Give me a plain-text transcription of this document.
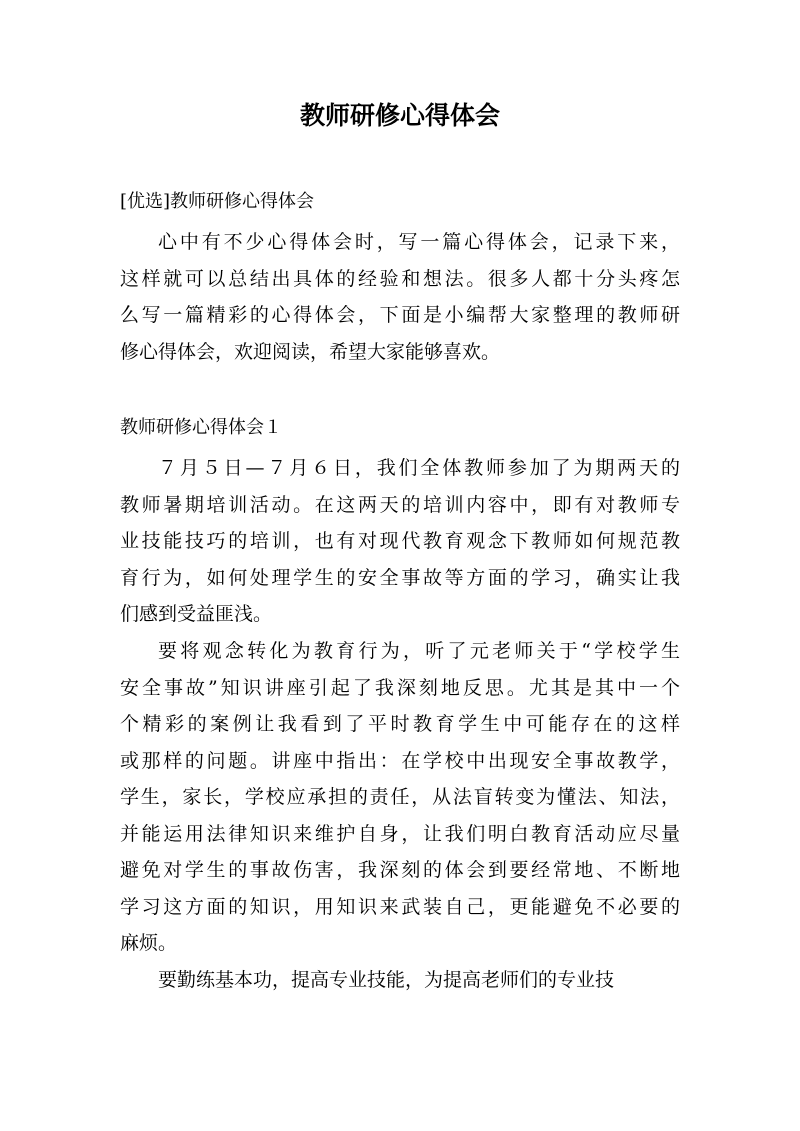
教师研修心得体会
[优选]教师研修心得体会
心中有不少心得体会时，写一篇心得体会，记录下来，
这样就可以总结出具体的经验和想法。很多人都十分头疼怎
么写一篇精彩的心得体会，下面是小编帮大家整理的教师研
修心得体会，欢迎阅读，希望大家能够喜欢。
教师研修心得体会１
７月５日—７月６日，我们全体教师参加了为期两天的
教师暑期培训活动。在这两天的培训内容中，即有对教师专
业技能技巧的培训，也有对现代教育观念下教师如何规范教
育行为，如何处理学生的安全事故等方面的学习，确实让我
们感到受益匪浅。
要将观念转化为教育行为，听了元老师关于“学校学生
安全事故”知识讲座引起了我深刻地反思。尤其是其中一个
个精彩的案例让我看到了平时教育学生中可能存在的这样
或那样的问题。讲座中指出：在学校中出现安全事故教学，
学生，家长，学校应承担的责任，从法盲转变为懂法、知法，
并能运用法律知识来维护自身，让我们明白教育活动应尽量
避免对学生的事故伤害，我深刻的体会到要经常地、不断地
学习这方面的知识，用知识来武装自己，更能避免不必要的
麻烦。
要勤练基本功，提高专业技能，为提高老师们的专业技
